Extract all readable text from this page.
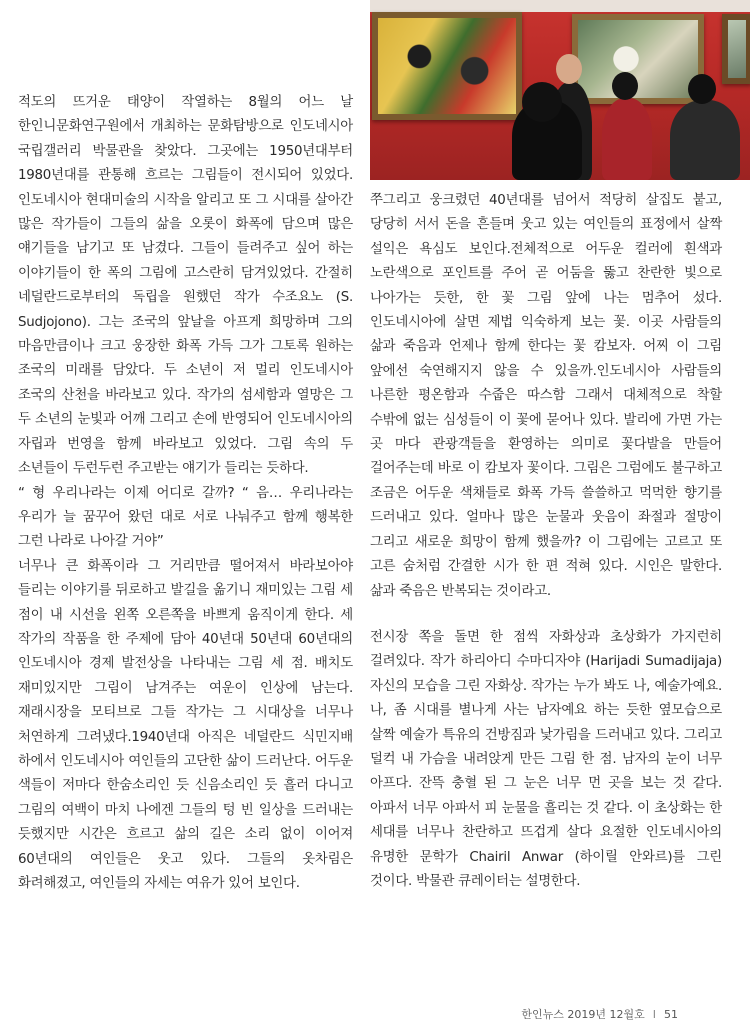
적도의 뜨거운 태양이 작열하는 8월의 어느 날 한인니문화연구원에서 개최하는 문화탐방으로 인도네시아 국립갤러리 박물관을 찾았다. 그곳에는 1950년대부터 1980년대를 관통해 흐르는 그림들이 전시되어 있었다. 인도네시아 현대미술의 시작을 알리고 또 그 시대를 살아간 많은 작가들이 그들의 삶을 오롯이 화폭에 담으며 많은 얘기들을 남기고 또 남겼다. 그들이 들려주고 싶어 하는 이야기들이 한 폭의 그림에 고스란히 담겨있었다. 간절히 네덜란드로부터의 독립을 원했던 작가 수조요노 (S. Sudjojono). 그는 조국의 앞날을 아프게 희망하며 그의 마음만큼이나 크고 웅장한 화폭 가득 그가 그토록 원하는 조국의 미래를 담았다. 두 소년이 저 멀리 인도네시아 조국의 산천을 바라보고 있다. 작가의 섬세함과 열망은 그 두 소년의 눈빛과 어깨 그리고 손에 반영되어 인도네시아의 자립과 번영을 함께 바라보고 있었다. 그림 속의 두 소년들이 두런두런 주고받는 얘기가 들리는 듯하다.

“ 형 우리나라는 이제 어디로 갈까? “ 음… 우리나라는 우리가 늘 꿈꾸어 왔던 대로 서로 나눠주고 함께 행복한 그런 나라로 나아갈 거야”

너무나 큰 화폭이라 그 거리만큼 떨어져서 바라보아야 들리는 이야기를 뒤로하고 발길을 옮기니 재미있는 그림 세 점이 내 시선을 왼쪽 오른쪽을 바쁘게 움직이게 한다. 세 작가의 작품을 한 주제에 담아 40년대 50년대 60년대의 인도네시아 경제 발전상을 나타내는 그림 세 점. 배치도 재미있지만 그림이 남겨주는 여운이 인상에 남는다. 재래시장을 모티브로 그들 작가는 그 시대상을 너무나 처연하게 그려냈다.1940년대 아직은 네덜란드 식민지배 하에서 인도네시아 여인들의 고단한 삶이 드러난다. 어두운 색들이 저마다 한숨소리인 듯 신음소리인 듯 흘러 다니고 그림의 여백이 마치 나에겐 그들의 텅 빈 일상을 드러내는 듯했지만 시간은 흐르고 삶의 길은 소리 없이 이어져 60년대의 여인들은 웃고 있다. 그들의 옷차림은 화려해졌고, 여인들의 자세는 여유가 있어 보인다.

쭈그리고 웅크렸던 40년대를 넘어서 적당히 살집도 붙고, 당당히 서서 돈을 흔들며 웃고 있는 여인들의 표정에서 살짝 설익은 욕심도 보인다.전체적으로 어두운 컬러에 흰색과 노란색으로 포인트를 주어 곧 어둠을 뚫고 찬란한 빛으로 나아가는 듯한, 한 꽃 그림 앞에 나는 멈추어 섰다. 인도네시아에 살면 제법 익숙하게 보는 꽃. 이곳 사람들의 삶과 죽음과 언제나 함께 한다는 꽃 캄보자. 어찌 이 그림 앞에선 숙연해지지 않을 수 있을까.인도네시아 사람들의 나른한 평온함과 수줍은 따스함 그래서 대체적으로 착할 수밖에 없는 심성들이 이 꽃에 묻어나 있다. 발리에 가면 가는 곳 마다 관광객들을 환영하는 의미로 꽃다발을 만들어 걸어주는데 바로 이 캄보자 꽃이다. 그림은 그럼에도 불구하고 조금은 어두운 색채들로 화폭 가득 쓸쓸하고 먹먹한 향기를 드러내고 있다. 얼마나 많은 눈물과 웃음이 좌절과 절망이 그리고 새로운 희망이 함께 했을까? 이 그림에는 고르고 또 고른 숨처럼 간결한 시가 한 편 적혀 있다. 시인은 말한다. 삶과 죽음은 반복되는 것이라고.

전시장 쪽을 돌면 한 점씩 자화상과 초상화가 가지런히 걸려있다. 작가 하리아디 수마디자야 (Harijadi Sumadijaja) 자신의 모습을 그린 자화상. 작가는 누가 봐도 나, 예술가예요. 나, 좀 시대를 별나게 사는 남자예요 하는 듯한 옆모습으로 살짝 예술가 특유의 건방짐과 낯가림을 드러내고 있다. 그리고 덜컥 내 가슴을 내려앉게 만든 그림 한 점. 남자의 눈이 너무 아프다. 잔뜩 충혈 된 그 눈은 너무 먼 곳을 보는 것 같다. 아파서 너무 아파서 피 눈물을 흘리는 것 같다. 이 초상화는 한 세대를 너무나 찬란하고 뜨겁게 살다 요절한 인도네시아의 유명한 문학가 Chairil Anwar (하이릴 안와르)를 그린 것이다. 박물관 큐레이터는 설명한다.

한인뉴스 2019년 12월호 I 51
